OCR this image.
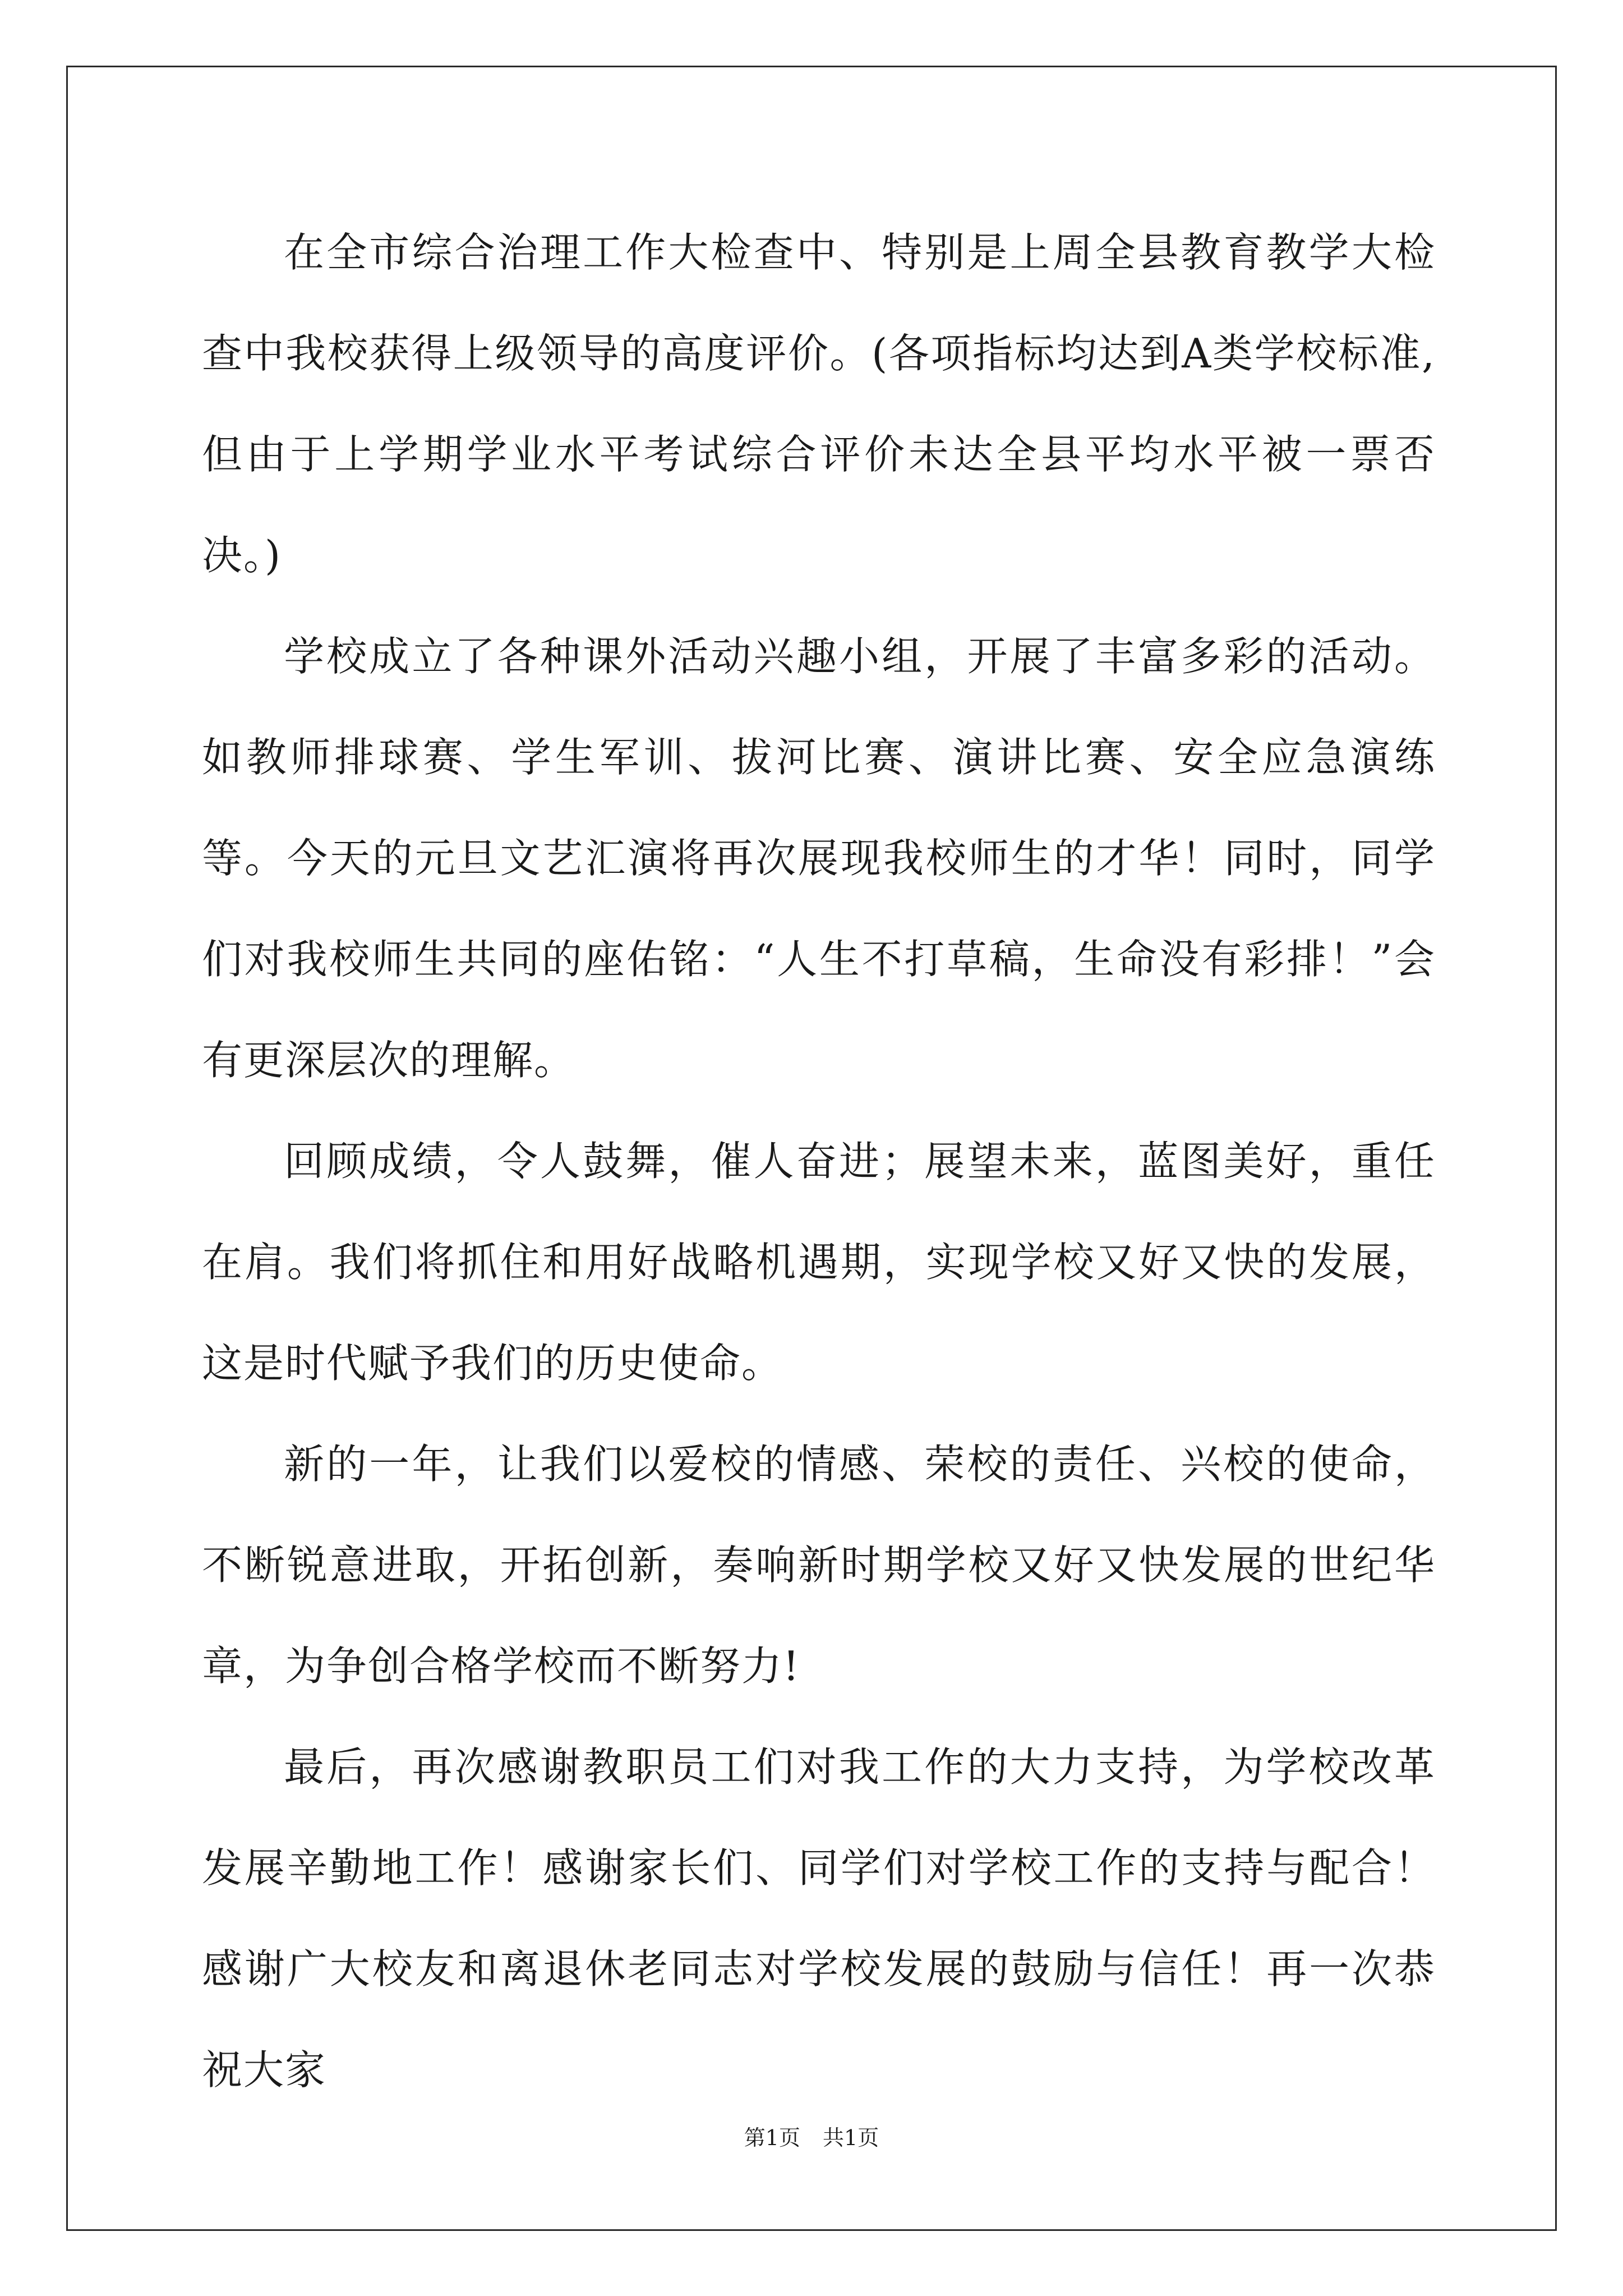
在全市综合治理工作大检查中、特别是上周全县教育教学大检查中我校获得上级领导的高度评价。(各项指标均达到A类学校标准,但由于上学期学业水平考试综合评价未达全县平均水平被一票否决。)

学校成立了各种课外活动兴趣小组，开展了丰富多彩的活动。如教师排球赛、学生军训、拔河比赛、演讲比赛、安全应急演练等。今天的元旦文艺汇演将再次展现我校师生的才华！同时，同学们对我校师生共同的座佑铭：“人生不打草稿，生命没有彩排！”会有更深层次的理解。

回顾成绩，令人鼓舞，催人奋进；展望未来，蓝图美好，重任在肩。我们将抓住和用好战略机遇期，实现学校又好又快的发展，这是时代赋予我们的历史使命。

新的一年，让我们以爱校的情感、荣校的责任、兴校的使命，不断锐意进取，开拓创新，奏响新时期学校又好又快发展的世纪华章，为争创合格学校而不断努力!

最后，再次感谢教职员工们对我工作的大力支持，为学校改革发展辛勤地工作！感谢家长们、同学们对学校工作的支持与配合！感谢广大校友和离退休老同志对学校发展的鼓励与信任！再一次恭祝大家

第1页 共1页
